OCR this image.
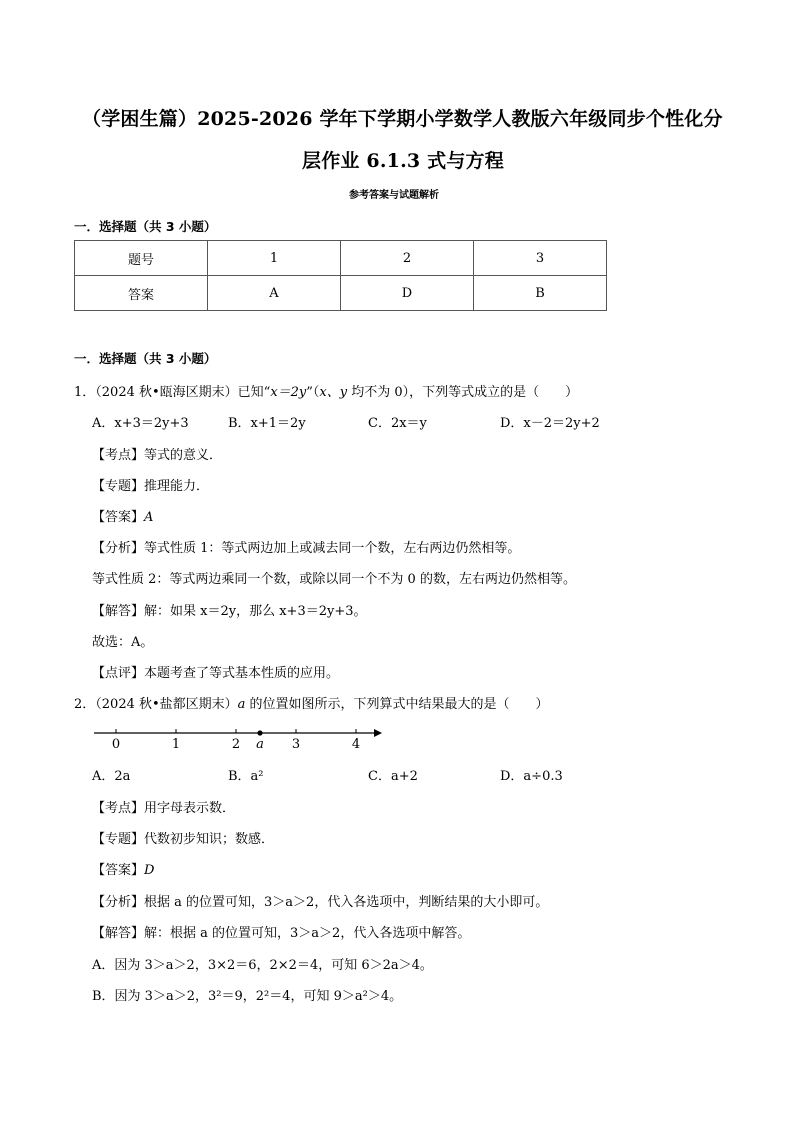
（学困生篇）2025-2026 学年下学期小学数学人教版六年级同步个性化分
层作业 6.1.3 式与方程
参考答案与试题解析
一．选择题（共 3 小题）
题号	1	2	3
答案	A	D	B
一．选择题（共 3 小题）
1．（2024 秋•瓯海区期末）已知“x＝2y”（x、y 均不为 0），下列等式成立的是（　　）
A．x+3＝2y+3	B．x+1＝2y	C．2x＝y	D．x－2＝2y+2
【考点】等式的意义．
【专题】推理能力．
【答案】A
【分析】等式性质 1：等式两边加上或减去同一个数，左右两边仍然相等。
等式性质 2：等式两边乘同一个数，或除以同一个不为 0 的数，左右两边仍然相等。
【解答】解：如果 x＝2y，那么 x+3＝2y+3。
故选：A。
【点评】本题考查了等式基本性质的应用。
2．（2024 秋•盐都区期末）a 的位置如图所示，下列算式中结果最大的是（　　）
0	1	2	3	4
a
A．2a	B．a²	C．a+2	D．a÷0.3
【考点】用字母表示数．
【专题】代数初步知识；数感．
【答案】D
【分析】根据 a 的位置可知，3＞a＞2，代入各选项中，判断结果的大小即可。
【解答】解：根据 a 的位置可知，3＞a＞2，代入各选项中解答。
A．因为 3＞a＞2，3×2＝6，2×2＝4，可知 6＞2a＞4。
B．因为 3＞a＞2，3²＝9，2²＝4，可知 9＞a²＞4。
